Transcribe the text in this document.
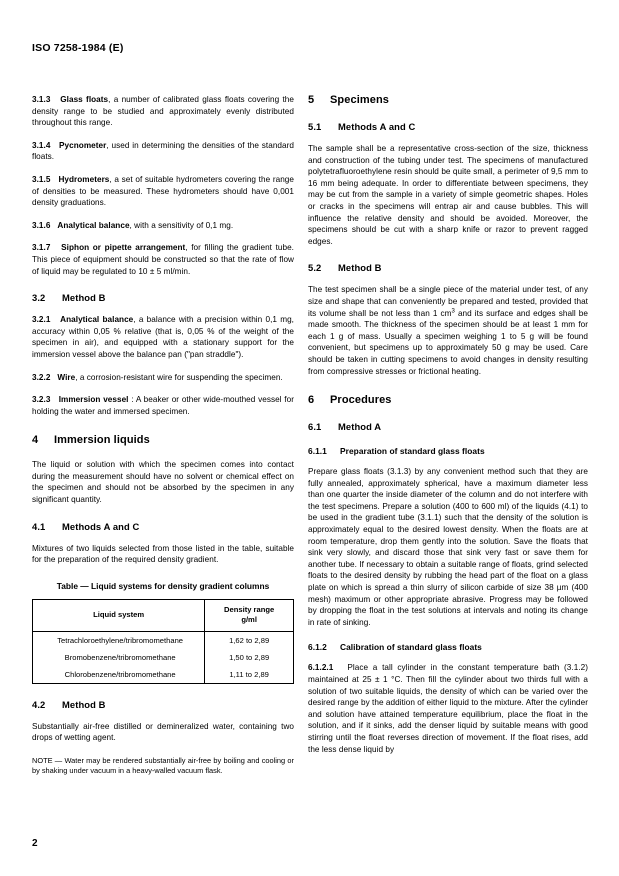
ISO 7258-1984 (E)

3.1.3 Glass floats, a number of calibrated glass floats covering the density range to be studied and approximately evenly distributed throughout this range.

3.1.4 Pycnometer, used in determining the densities of the standard floats.

3.1.5 Hydrometers, a set of suitable hydrometers covering the range of densities to be measured. These hydrometers should have 0,001 density graduations.

3.1.6 Analytical balance, with a sensitivity of 0,1 mg.

3.1.7 Siphon or pipette arrangement, for filling the gradient tube. This piece of equipment should be constructed so that the rate of flow of liquid may be regulated to 10 ± 5 ml/min.

3.2 Method B

3.2.1 Analytical balance, a balance with a precision within 0,1 mg, accuracy within 0,05 % relative (that is, 0,05 % of the weight of the specimen in air), and equipped with a stationary support for the immersion vessel above the balance pan ("pan straddle").

3.2.2 Wire, a corrosion-resistant wire for suspending the specimen.

3.2.3 Immersion vessel : A beaker or other wide-mouthed vessel for holding the water and immersed specimen.

4 Immersion liquids

The liquid or solution with which the specimen comes into contact during the measurement should have no solvent or chemical effect on the specimen and should not be absorbed by the specimen in any significant quantity.

4.1 Methods A and C

Mixtures of two liquids selected from those listed in the table, suitable for the preparation of the required density gradient.

Table — Liquid systems for density gradient columns
Liquid system	Density range
g/ml

Tetrachloroethylene/tribromomethane	1,62 to 2,89
Bromobenzene/tribromomethane	1,50 to 2,89
Chlorobenzene/tribromomethane	1,11 to 2,89
4.2 Method B

Substantially air-free distilled or demineralized water, containing two drops of wetting agent.

NOTE — Water may be rendered substantially air-free by boiling and cooling or by shaking under vacuum in a heavy-walled vacuum flask.

5 Specimens
5.1 Methods A and C

The sample shall be a representative cross-section of the size, thickness and construction of the tubing under test. The specimens of manufactured polytetrafluoroethylene resin should be quite small, a perimeter of 9,5 mm to 16 mm being adequate. In order to differentiate between specimens, they may be cut from the sample in a variety of simple geometric shapes. Holes or cracks in the specimens will entrap air and cause bubbles. This will influence the relative density and should be avoided. Moreover, the specimens should be cut with a sharp knife or razor to prevent ragged edges.

5.2 Method B

The test specimen shall be a single piece of the material under test, of any size and shape that can conveniently be prepared and tested, provided that its volume shall be not less than 1 $cm^3$ and its surface and edges shall be made smooth. The thickness of the specimen should be at least 1 mm for each 1 g of mass. Usually a specimen weighing 1 to 5 g will be found convenient, but specimens up to approximately 50 g may be used. Care should be taken in cutting specimens to avoid changes in density resulting from compressive stresses or frictional heating.

6 Procedures
6.1 Method A
6.1.1 Preparation of standard glass floats

Prepare glass floats (3.1.3) by any convenient method such that they are fully annealed, approximately spherical, have a maximum diameter less than one quarter the inside diameter of the column and do not interfere with the test specimens. Prepare a solution (400 to 600 ml) of the liquids (4.1) to be used in the gradient tube (3.1.1) such that the density of the solution is approximately equal to the desired lowest density. When the floats are at room temperature, drop them gently into the solution. Save the floats that sink very slowly, and discard those that sink very fast or save them for another tube. If necessary to obtain a suitable range of floats, grind selected floats to the desired density by rubbing the head part of the float on a glass plate on which is spread a thin slurry of silicon carbide of size 38 µm (400 mesh) maximum or other appropriate abrasive. Progress may be followed by dropping the float in the test solutions at intervals and noting its change in rate of sinking.

6.1.2 Calibration of standard glass floats

6.1.2.1 Place a tall cylinder in the constant temperature bath (3.1.2) maintained at 25 ± 1 °C. Then fill the cylinder about two thirds full with a solution of two suitable liquids, the density of which can be varied over the desired range by the addition of either liquid to the mixture. After the cylinder and solution have attained temperature equilibrium, place the float in the solution, and if it sinks, add the denser liquid by suitable means with good stirring until the float reverses direction of movement. If the float rises, add the less dense liquid by

2
